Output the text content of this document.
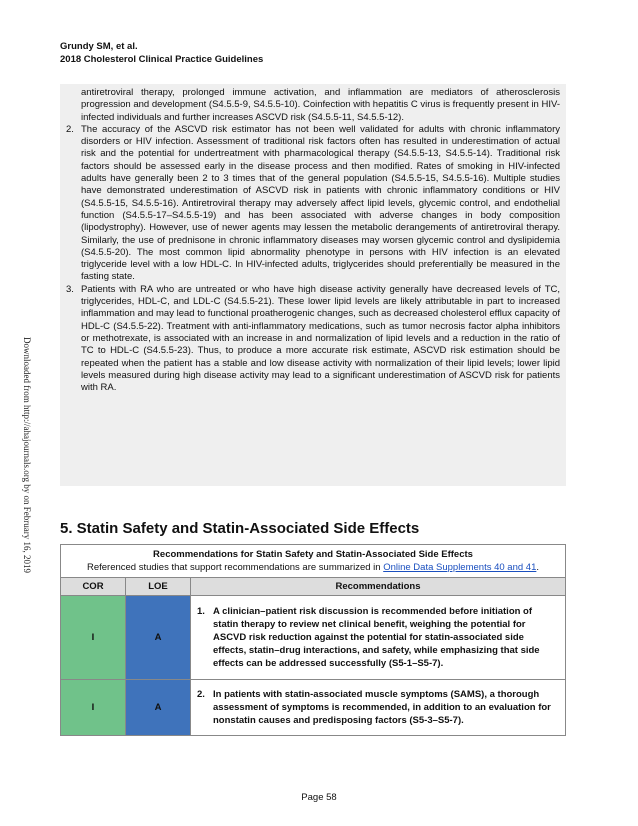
Grundy SM, et al.
2018 Cholesterol Clinical Practice Guidelines
Downloaded from http://ahajournals.org by on February 16, 2019
antiretroviral therapy, prolonged immune activation, and inflammation are mediators of atherosclerosis progression and development (S4.5.5-9, S4.5.5-10). Coinfection with hepatitis C virus is frequently present in HIV-infected individuals and further increases ASCVD risk (S4.5.5-11, S4.5.5-12).
2. The accuracy of the ASCVD risk estimator has not been well validated for adults with chronic inflammatory disorders or HIV infection. Assessment of traditional risk factors often has resulted in underestimation of actual risk and the potential for undertreatment with pharmacological therapy (S4.5.5-13, S4.5.5-14). Traditional risk factors should be assessed early in the disease process and then modified. Rates of smoking in HIV-infected adults have generally been 2 to 3 times that of the general population (S4.5.5-15, S4.5.5-16). Multiple studies have demonstrated underestimation of ASCVD risk in patients with chronic inflammatory conditions or HIV (S4.5.5-15, S4.5.5-16). Antiretroviral therapy may adversely affect lipid levels, glycemic control, and endothelial function (S4.5.5-17–S4.5.5-19) and has been associated with adverse changes in body composition (lipodystrophy). However, use of newer agents may lessen the metabolic derangements of antiretroviral therapy. Similarly, the use of prednisone in chronic inflammatory diseases may worsen glycemic control and dyslipidemia (S4.5.5-20). The most common lipid abnormality phenotype in persons with HIV infection is an elevated triglyceride level with a low HDL-C. In HIV-infected adults, triglycerides should preferentially be measured in the fasting state.
3. Patients with RA who are untreated or who have high disease activity generally have decreased levels of TC, triglycerides, HDL-C, and LDL-C (S4.5.5-21). These lower lipid levels are likely attributable in part to increased inflammation and may lead to functional proatherogenic changes, such as decreased cholesterol efflux capacity of HDL-C (S4.5.5-22). Treatment with anti-inflammatory medications, such as tumor necrosis factor alpha inhibitors or methotrexate, is associated with an increase in and normalization of lipid levels and a reduction in the ratio of TC to HDL-C (S4.5.5-23). Thus, to produce a more accurate risk estimate, ASCVD risk estimation should be repeated when the patient has a stable and low disease activity with normalization of their lipid levels; lower lipid levels measured during high disease activity may lead to a significant underestimation of ASCVD risk for patients with RA.
5. Statin Safety and Statin-Associated Side Effects
Recommendations for Statin Safety and Statin-Associated Side Effects
Referenced studies that support recommendations are summarized in Online Data Supplements 40 and 41.		

COR	LOE	Recommendations
I	A	1. A clinician–patient risk discussion is recommended before initiation of statin therapy to review net clinical benefit, weighing the potential for ASCVD risk reduction against the potential for statin-associated side effects, statin–drug interactions, and safety, while emphasizing that side effects can be addressed successfully (S5-1–S5-7).

I	A	2. In patients with statin-associated muscle symptoms (SAMS), a thorough assessment of symptoms is recommended, in addition to an evaluation for nonstatin causes and predisposing factors (S5-3–S5-7).
Page 58
